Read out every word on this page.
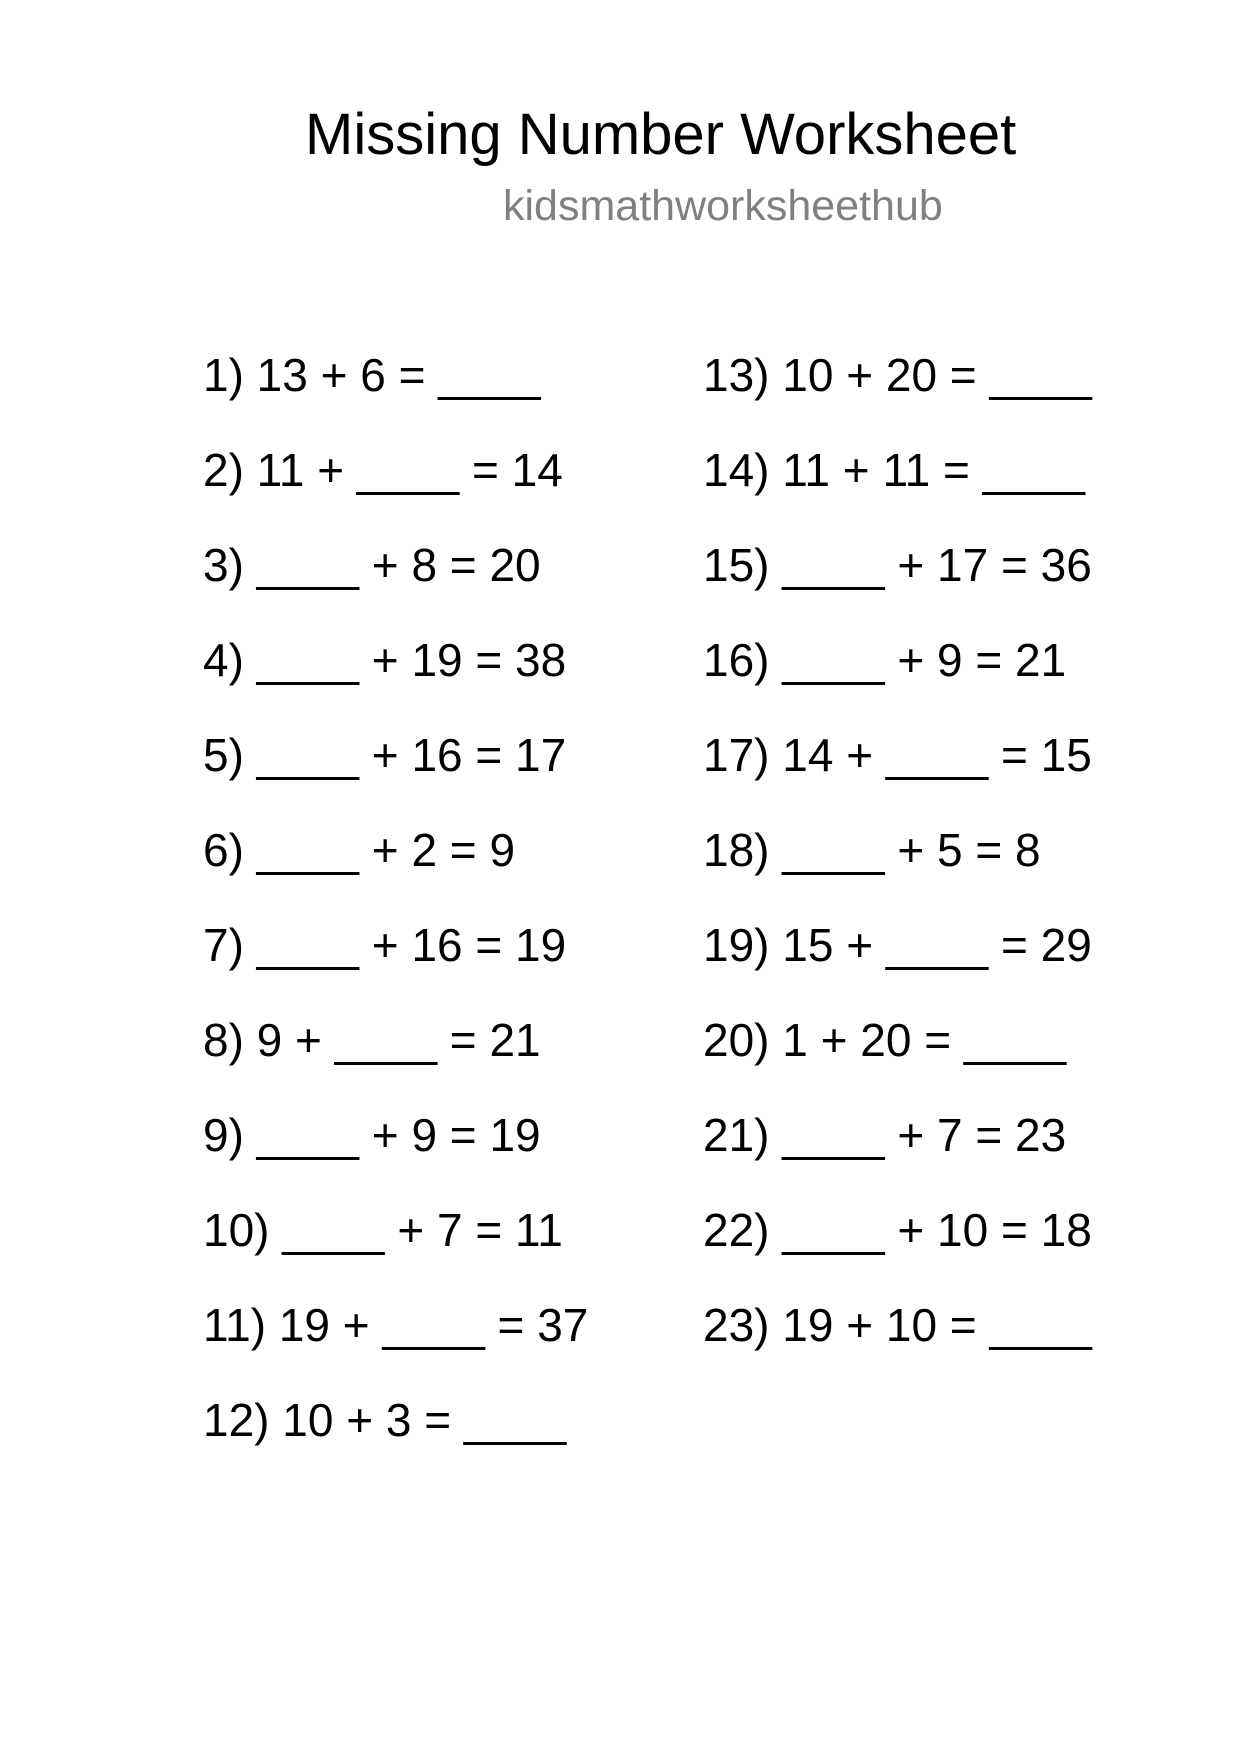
Missing Number Worksheet
kidsmathworksheethub
1) 13 + 6 = ____
2) 11 + ____ = 14
3) ____ + 8 = 20
4) ____ + 19 = 38
5) ____ + 16 = 17
6) ____ + 2 = 9
7) ____ + 16 = 19
8) 9 + ____ = 21
9) ____ + 9 = 19
10) ____ + 7 = 11
11) 19 + ____ = 37
12) 10 + 3 = ____
13) 10 + 20 = ____
14) 11 + 11 = ____
15) ____ + 17 = 36
16) ____ + 9 = 21
17) 14 + ____ = 15
18) ____ + 5 = 8
19) 15 + ____ = 29
20) 1 + 20 = ____
21) ____ + 7 = 23
22) ____ + 10 = 18
23) 19 + 10 = ____
